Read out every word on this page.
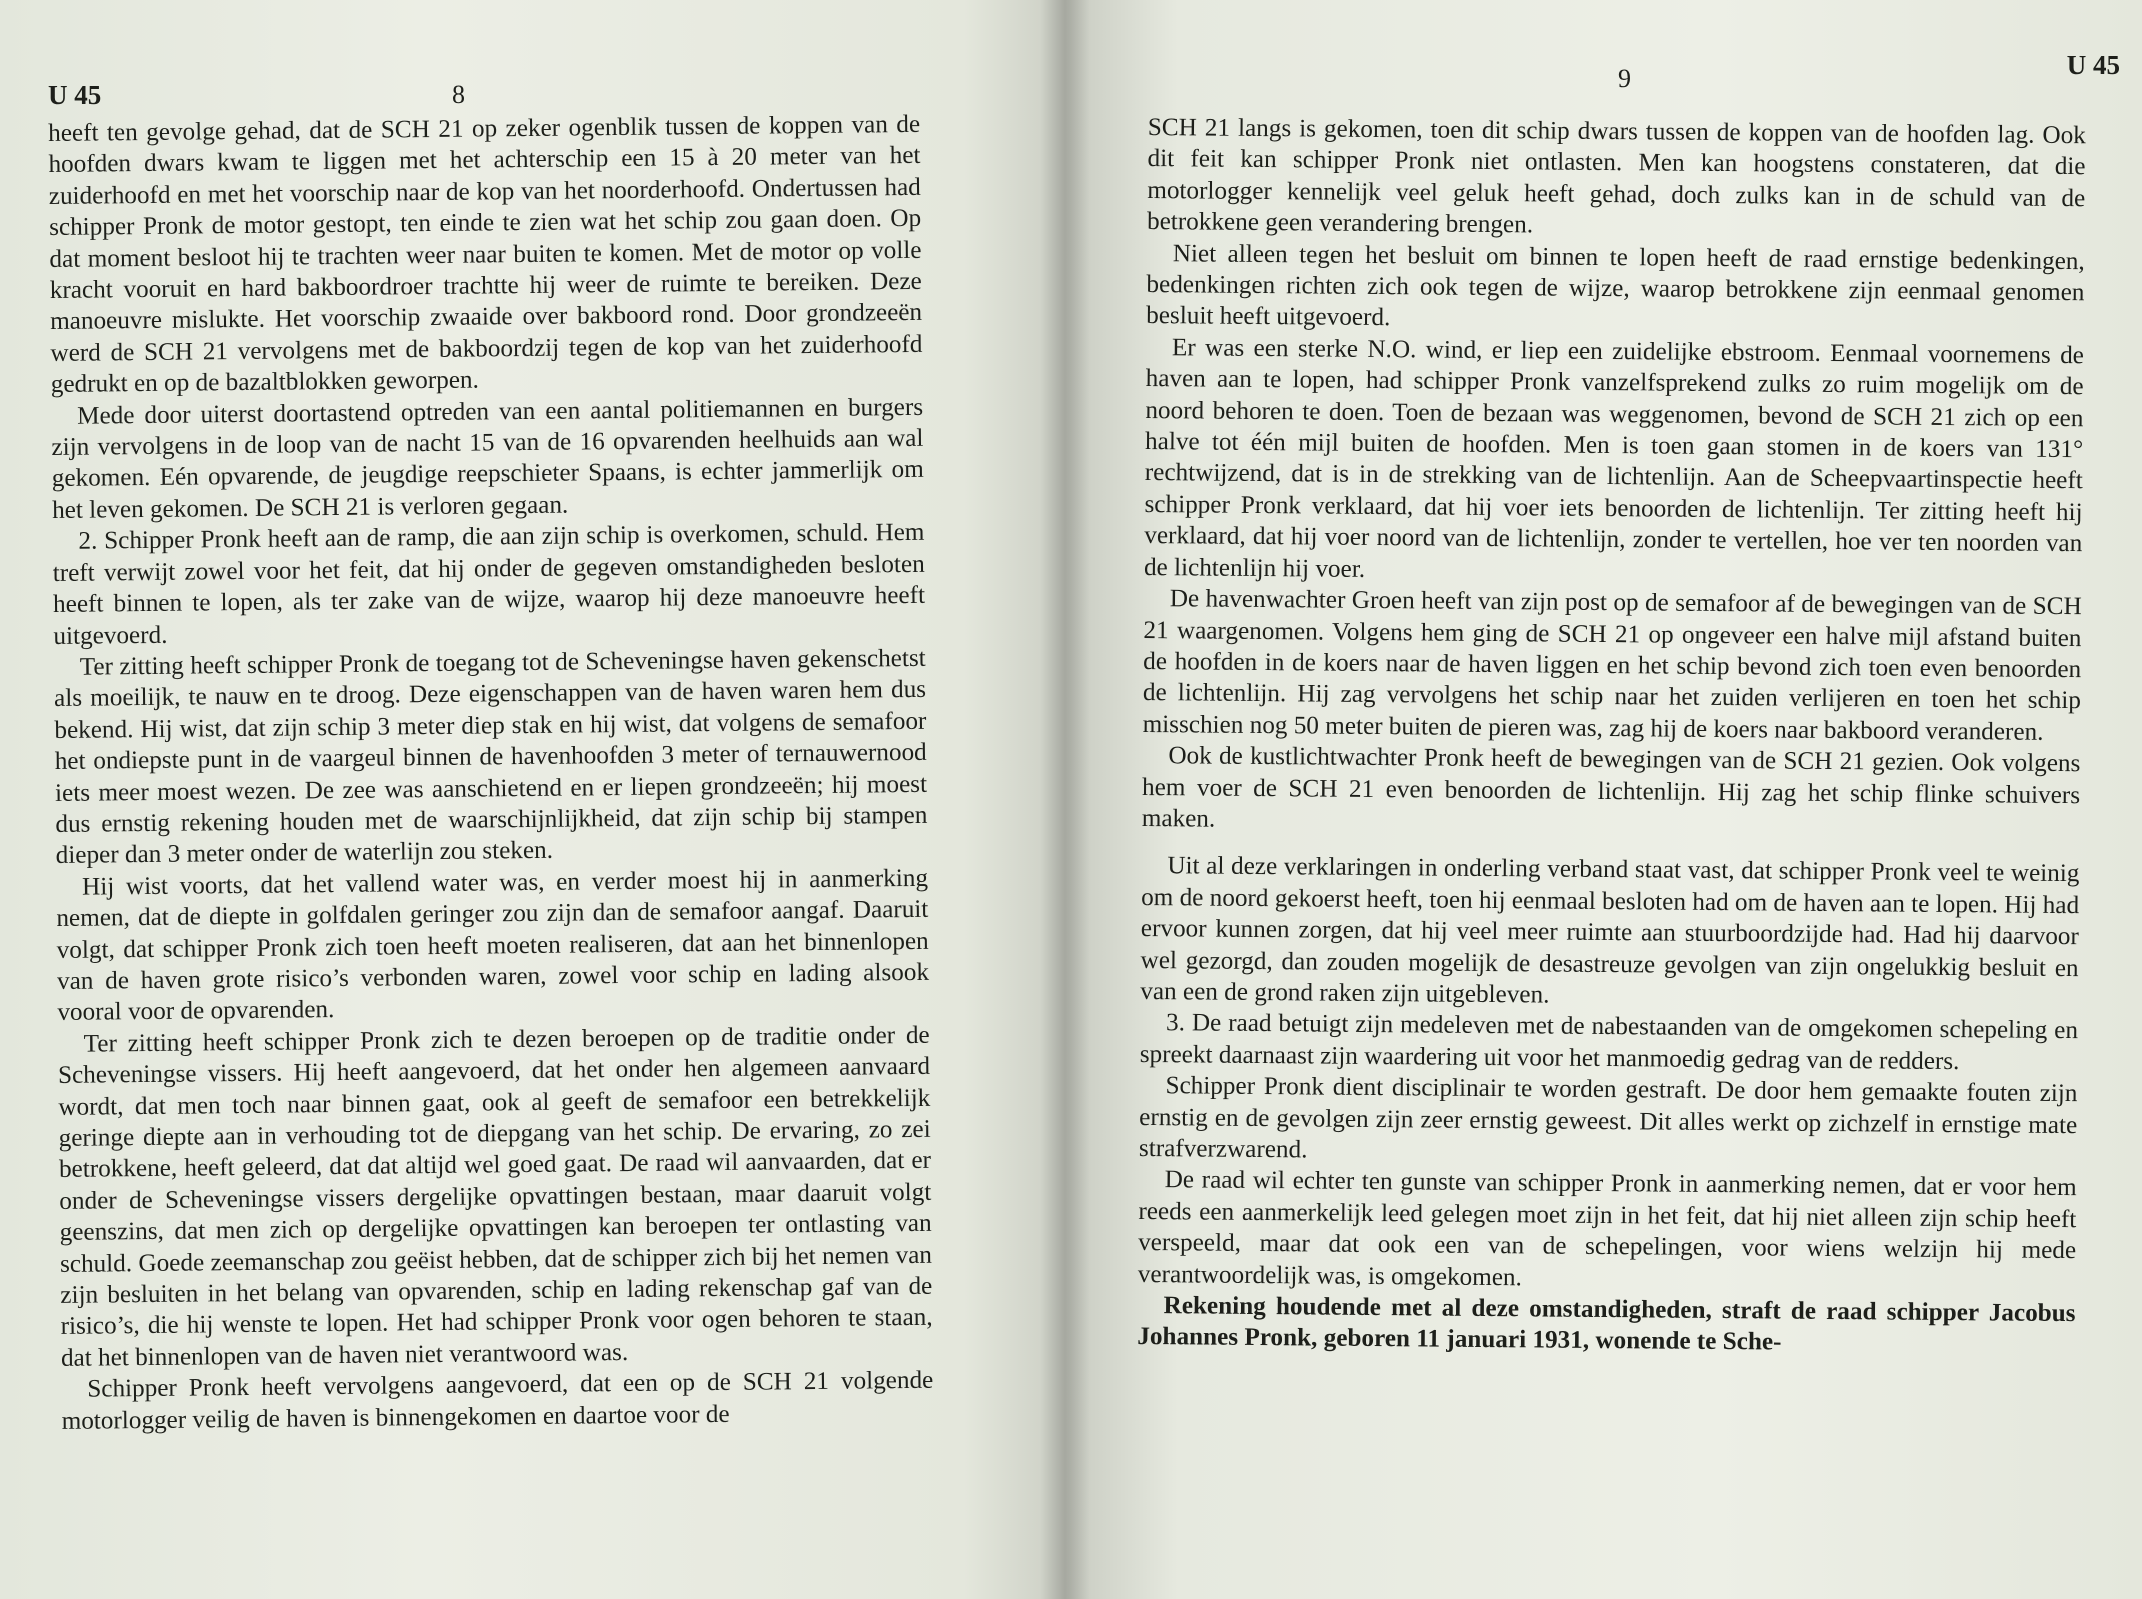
U 45	8

heeft ten gevolge gehad, dat de SCH 21 op zeker ogenblik tussen de koppen van de hoofden dwars kwam te liggen met het achterschip een 15 à 20 meter van het zuiderhoofd en met het voorschip naar de kop van het noorderhoofd. Ondertussen had schipper Pronk de motor gestopt, ten einde te zien wat het schip zou gaan doen. Op dat moment besloot hij te trachten weer naar buiten te komen. Met de motor op volle kracht vooruit en hard bakboordroer trachtte hij weer de ruimte te bereiken. Deze manoeuvre mislukte. Het voorschip zwaaide over bakboord rond. Door grondzeeën werd de SCH 21 vervolgens met de bakboordzij tegen de kop van het zuiderhoofd gedrukt en op de bazaltblokken geworpen.

Mede door uiterst doortastend optreden van een aantal politiemannen en burgers zijn vervolgens in de loop van de nacht 15 van de 16 opvarenden heelhuids aan wal gekomen. Eén opvarende, de jeugdige reepschieter Spaans, is echter jammerlijk om het leven gekomen. De SCH 21 is verloren gegaan.

2. Schipper Pronk heeft aan de ramp, die aan zijn schip is overkomen, schuld. Hem treft verwijt zowel voor het feit, dat hij onder de gegeven omstandigheden besloten heeft binnen te lopen, als ter zake van de wijze, waarop hij deze manoeuvre heeft uitgevoerd.

Ter zitting heeft schipper Pronk de toegang tot de Scheveningse haven gekenschetst als moeilijk, te nauw en te droog. Deze eigenschappen van de haven waren hem dus bekend. Hij wist, dat zijn schip 3 meter diep stak en hij wist, dat volgens de semafoor het ondiepste punt in de vaargeul binnen de havenhoofden 3 meter of ternauwernood iets meer moest wezen. De zee was aanschietend en er liepen grondzeeën; hij moest dus ernstig rekening houden met de waarschijnlijkheid, dat zijn schip bij stampen dieper dan 3 meter onder de waterlijn zou steken.

Hij wist voorts, dat het vallend water was, en verder moest hij in aanmerking nemen, dat de diepte in golfdalen geringer zou zijn dan de semafoor aangaf. Daaruit volgt, dat schipper Pronk zich toen heeft moeten realiseren, dat aan het binnenlopen van de haven grote risico’s verbonden waren, zowel voor schip en lading alsook vooral voor de opvarenden.

Ter zitting heeft schipper Pronk zich te dezen beroepen op de traditie onder de Scheveningse vissers. Hij heeft aangevoerd, dat het onder hen algemeen aanvaard wordt, dat men toch naar binnen gaat, ook al geeft de semafoor een betrekkelijk geringe diepte aan in verhouding tot de diepgang van het schip. De ervaring, zo zei betrokkene, heeft geleerd, dat dat altijd wel goed gaat. De raad wil aanvaarden, dat er onder de Scheveningse vissers dergelijke opvattingen bestaan, maar daaruit volgt geenszins, dat men zich op dergelijke opvattingen kan beroepen ter ontlasting van schuld. Goede zeemanschap zou geëist hebben, dat de schipper zich bij het nemen van zijn besluiten in het belang van opvarenden, schip en lading rekenschap gaf van de risico’s, die hij wenste te lopen. Het had schipper Pronk voor ogen behoren te staan, dat het binnenlopen van de haven niet verantwoord was.

Schipper Pronk heeft vervolgens aangevoerd, dat een op de SCH 21 volgende motorlogger veilig de haven is binnengekomen en daartoe voor de

9	U 45

SCH 21 langs is gekomen, toen dit schip dwars tussen de koppen van de hoofden lag. Ook dit feit kan schipper Pronk niet ontlasten. Men kan hoogstens constateren, dat die motorlogger kennelijk veel geluk heeft gehad, doch zulks kan in de schuld van de betrokkene geen verandering brengen.

Niet alleen tegen het besluit om binnen te lopen heeft de raad ernstige bedenkingen, bedenkingen richten zich ook tegen de wijze, waarop betrokkene zijn eenmaal genomen besluit heeft uitgevoerd.

Er was een sterke N.O. wind, er liep een zuidelijke ebstroom. Eenmaal voornemens de haven aan te lopen, had schipper Pronk vanzelfsprekend zulks zo ruim mogelijk om de noord behoren te doen. Toen de bezaan was weggenomen, bevond de SCH 21 zich op een halve tot één mijl buiten de hoofden. Men is toen gaan stomen in de koers van 131° rechtwijzend, dat is in de strekking van de lichtenlijn. Aan de Scheepvaartinspectie heeft schipper Pronk verklaard, dat hij voer iets benoorden de lichtenlijn. Ter zitting heeft hij verklaard, dat hij voer noord van de lichtenlijn, zonder te vertellen, hoe ver ten noorden van de lichtenlijn hij voer.

De havenwachter Groen heeft van zijn post op de semafoor af de bewegingen van de SCH 21 waargenomen. Volgens hem ging de SCH 21 op ongeveer een halve mijl afstand buiten de hoofden in de koers naar de haven liggen en het schip bevond zich toen even benoorden de lichtenlijn. Hij zag vervolgens het schip naar het zuiden verlijeren en toen het schip misschien nog 50 meter buiten de pieren was, zag hij de koers naar bakboord veranderen.

Ook de kustlichtwachter Pronk heeft de bewegingen van de SCH 21 gezien. Ook volgens hem voer de SCH 21 even benoorden de lichtenlijn. Hij zag het schip flinke schuivers maken.

Uit al deze verklaringen in onderling verband staat vast, dat schipper Pronk veel te weinig om de noord gekoerst heeft, toen hij eenmaal besloten had om de haven aan te lopen. Hij had ervoor kunnen zorgen, dat hij veel meer ruimte aan stuurboordzijde had. Had hij daarvoor wel gezorgd, dan zouden mogelijk de desastreuze gevolgen van zijn ongelukkig besluit en van een de grond raken zijn uitgebleven.

3. De raad betuigt zijn medeleven met de nabestaanden van de omgekomen schepeling en spreekt daarnaast zijn waardering uit voor het manmoedig gedrag van de redders.

Schipper Pronk dient disciplinair te worden gestraft. De door hem gemaakte fouten zijn ernstig en de gevolgen zijn zeer ernstig geweest. Dit alles werkt op zichzelf in ernstige mate strafverzwarend.

De raad wil echter ten gunste van schipper Pronk in aanmerking nemen, dat er voor hem reeds een aanmerkelijk leed gelegen moet zijn in het feit, dat hij niet alleen zijn schip heeft verspeeld, maar dat ook een van de schepelingen, voor wiens welzijn hij mede verantwoordelijk was, is omgekomen.

Rekening houdende met al deze omstandigheden, straft de raad schipper Jacobus Johannes Pronk, geboren 11 januari 1931, wonende te Sche-
